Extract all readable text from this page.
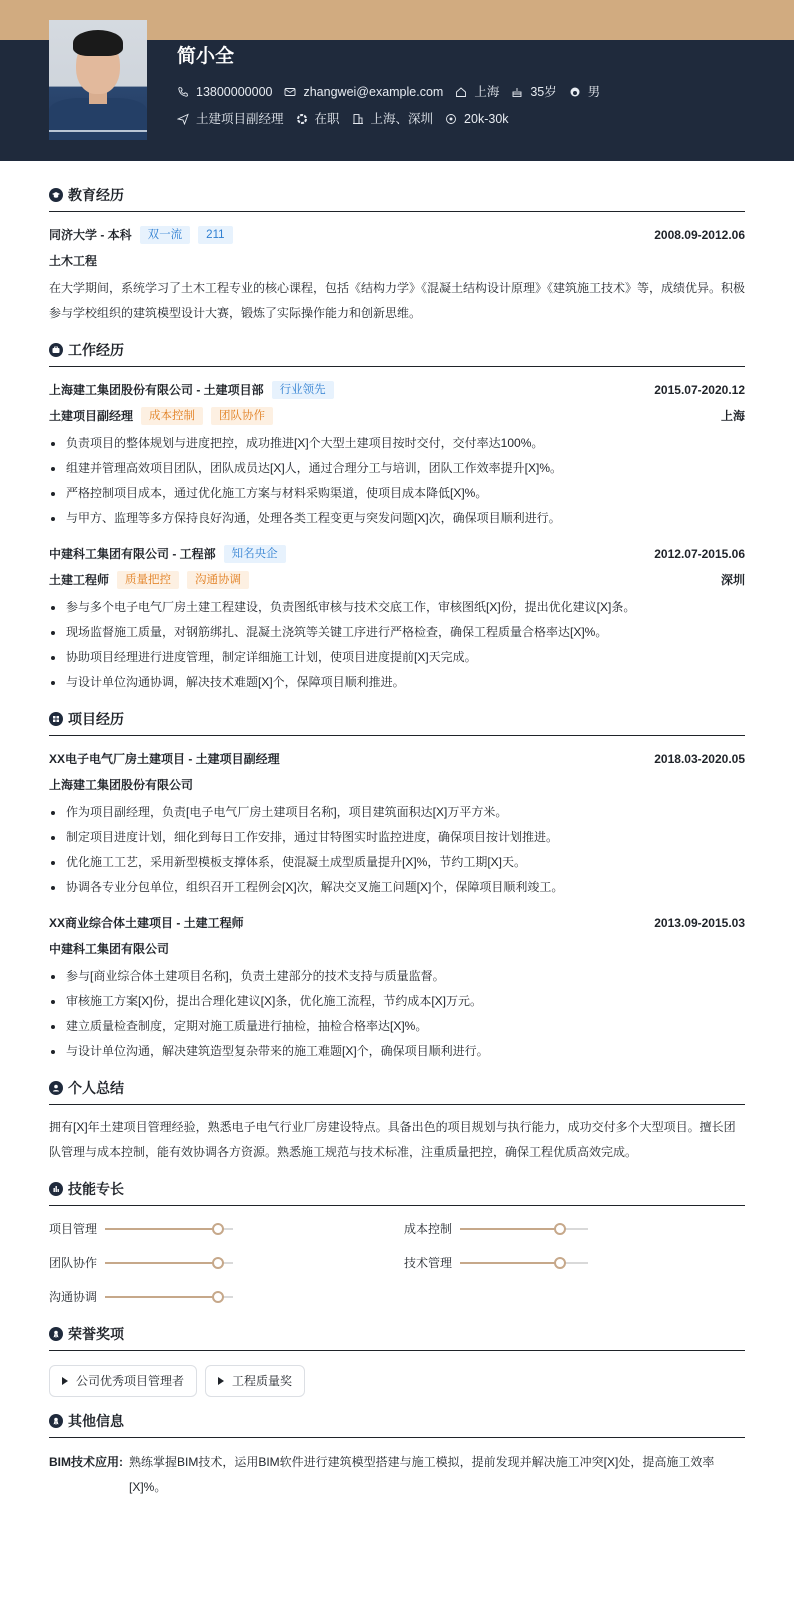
简小全
13800000000 zhangwei@example.com 上海 35岁 男
土建项目副经理 在职 上海、深圳 20k-30k
教育经历
同济大学 - 本科	双一流	211	2008.09-2012.06
土木工程
在大学期间，系统学习了土木工程专业的核心课程，包括《结构力学》《混凝土结构设计原理》《建筑施工技术》等，成绩优异。积极参与学校组织的建筑模型设计大赛，锻炼了实际操作能力和创新思维。
工作经历
上海建工集团股份有限公司 - 土建项目部	行业领先	2015.07-2020.12
土建项目副经理	成本控制	团队协作	上海
负责项目的整体规划与进度把控，成功推进[X]个大型土建项目按时交付，交付率达100%。
组建并管理高效项目团队，团队成员达[X]人，通过合理分工与培训，团队工作效率提升[X]%。
严格控制项目成本，通过优化施工方案与材料采购渠道，使项目成本降低[X]%。
与甲方、监理等多方保持良好沟通，处理各类工程变更与突发问题[X]次，确保项目顺利进行。
中建科工集团有限公司 - 工程部	知名央企	2012.07-2015.06
土建工程师	质量把控	沟通协调	深圳
参与多个电子电气厂房土建工程建设，负责图纸审核与技术交底工作，审核图纸[X]份，提出优化建议[X]条。
现场监督施工质量，对钢筋绑扎、混凝土浇筑等关键工序进行严格检查，确保工程质量合格率达[X]%。
协助项目经理进行进度管理，制定详细施工计划，使项目进度提前[X]天完成。
与设计单位沟通协调，解决技术难题[X]个，保障项目顺利推进。
项目经历
XX电子电气厂房土建项目 - 土建项目副经理	2018.03-2020.05
上海建工集团股份有限公司
作为项目副经理，负责[电子电气厂房土建项目名称]，项目建筑面积达[X]万平方米。
制定项目进度计划，细化到每日工作安排，通过甘特图实时监控进度，确保项目按计划推进。
优化施工工艺，采用新型模板支撑体系，使混凝土成型质量提升[X]%，节约工期[X]天。
协调各专业分包单位，组织召开工程例会[X]次，解决交叉施工问题[X]个，保障项目顺利竣工。
XX商业综合体土建项目 - 土建工程师	2013.09-2015.03
中建科工集团有限公司
参与[商业综合体土建项目名称]，负责土建部分的技术支持与质量监督。
审核施工方案[X]份，提出合理化建议[X]条，优化施工流程，节约成本[X]万元。
建立质量检查制度，定期对施工质量进行抽检，抽检合格率达[X]%。
与设计单位沟通，解决建筑造型复杂带来的施工难题[X]个，确保项目顺利进行。
个人总结
拥有[X]年土建项目管理经验，熟悉电子电气行业厂房建设特点。具备出色的项目规划与执行能力，成功交付多个大型项目。擅长团队管理与成本控制，能有效协调各方资源。熟悉施工规范与技术标准，注重质量把控，确保工程优质高效完成。
技能专长
项目管理	成本控制
团队协作	技术管理
沟通协调
荣誉奖项
公司优秀项目管理者	工程质量奖
其他信息
BIM技术应用: 熟练掌握BIM技术，运用BIM软件进行建筑模型搭建与施工模拟，提前发现并解决施工冲突[X]处，提高施工效率[X]%。
